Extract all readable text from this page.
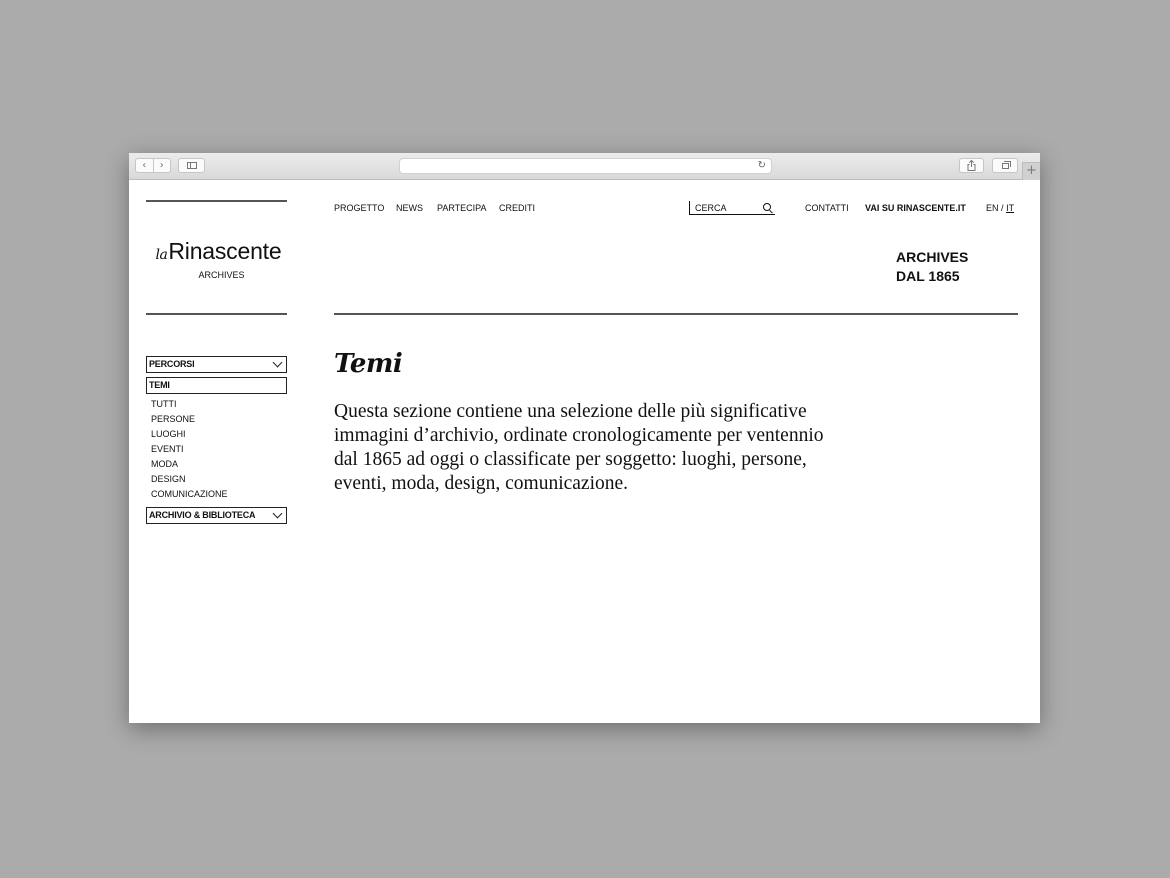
‹	›	↻	+
laRinascente
ARCHIVES
PROGETTO NEWS PARTECIPA CREDITI	CERCA	CONTATTI VAI SU RINASCENTE.IT EN / IT
ARCHIVES
DAL 1865
PERCORSI
TEMI
TUTTI
PERSONE
LUOGHI
EVENTI
MODA
DESIGN
COMUNICAZIONE
ARCHIVIO & BIBLIOTECA
Temi
Questa sezione contiene una selezione delle più significative immagini d’archivio, ordinate cronologicamente per ventennio dal 1865 ad oggi o classificate per soggetto: luoghi, persone, eventi, moda, design, comunicazione.
